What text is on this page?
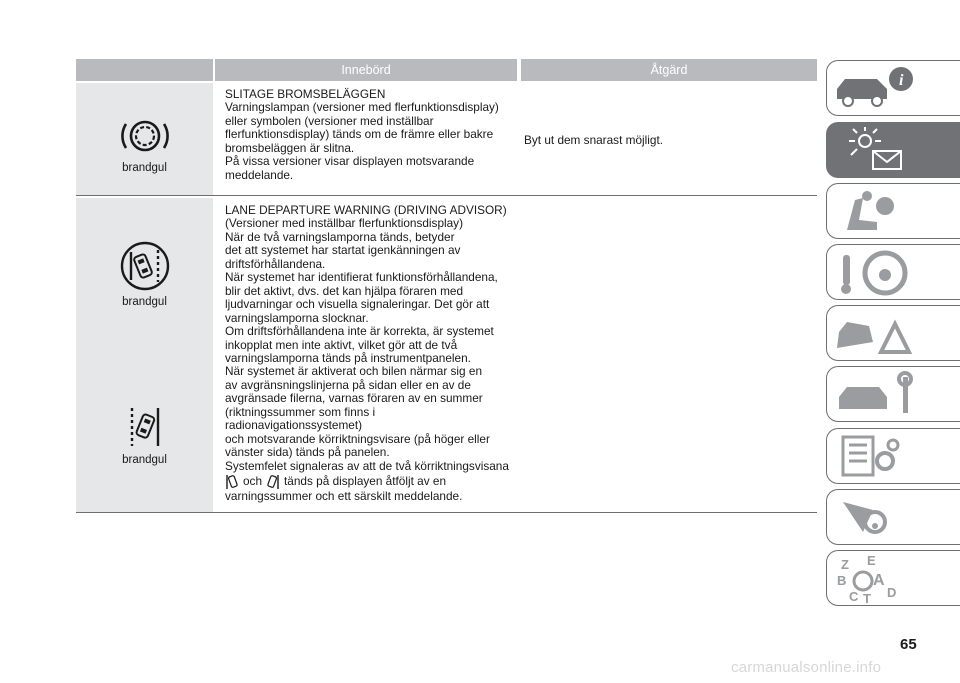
Innebörd	Åtgärd
brandgul
brandgul
brandgul

SLITAGE BROMSBELÄGGEN

Varningslampan (versioner med flerfunktionsdisplay)

eller symbolen (versioner med inställbar

flerfunktionsdisplay) tänds om de främre eller bakre

bromsbeläggen är slitna.

På vissa versioner visar displayen motsvarande

meddelande.

Byt ut dem snarast möjligt.

LANE DEPARTURE WARNING (DRIVING ADVISOR)

(Versioner med inställbar flerfunktionsdisplay)

När de två varningslamporna tänds, betyder

det att systemet har startat igenkänningen av

driftsförhållandena.

När systemet har identifierat funktionsförhållandena,

blir det aktivt, dvs. det kan hjälpa föraren med

ljudvarningar och visuella signaleringar. Det gör att

varningslamporna slocknar.

Om driftsförhållandena inte är korrekta, är systemet

inkopplat men inte aktivt, vilket gör att de två

varningslamporna tänds på instrumentpanelen.

När systemet är aktiverat och bilen närmar sig en

av avgränsningslinjerna på sidan eller en av de

avgränsade filerna, varnas föraren av en summer

(riktningssummer som finns i radionavigationssystemet)

och motsvarande körriktningsvisare (på höger eller

vänster sida) tänds på panelen.

Systemfelet signaleras av att de två körriktningsvisana

och tänds på displayen åtföljt av en

varningssummer och ett särskilt meddelande.

i
Z E
B A
C T D
65
carmanualsonline.info
